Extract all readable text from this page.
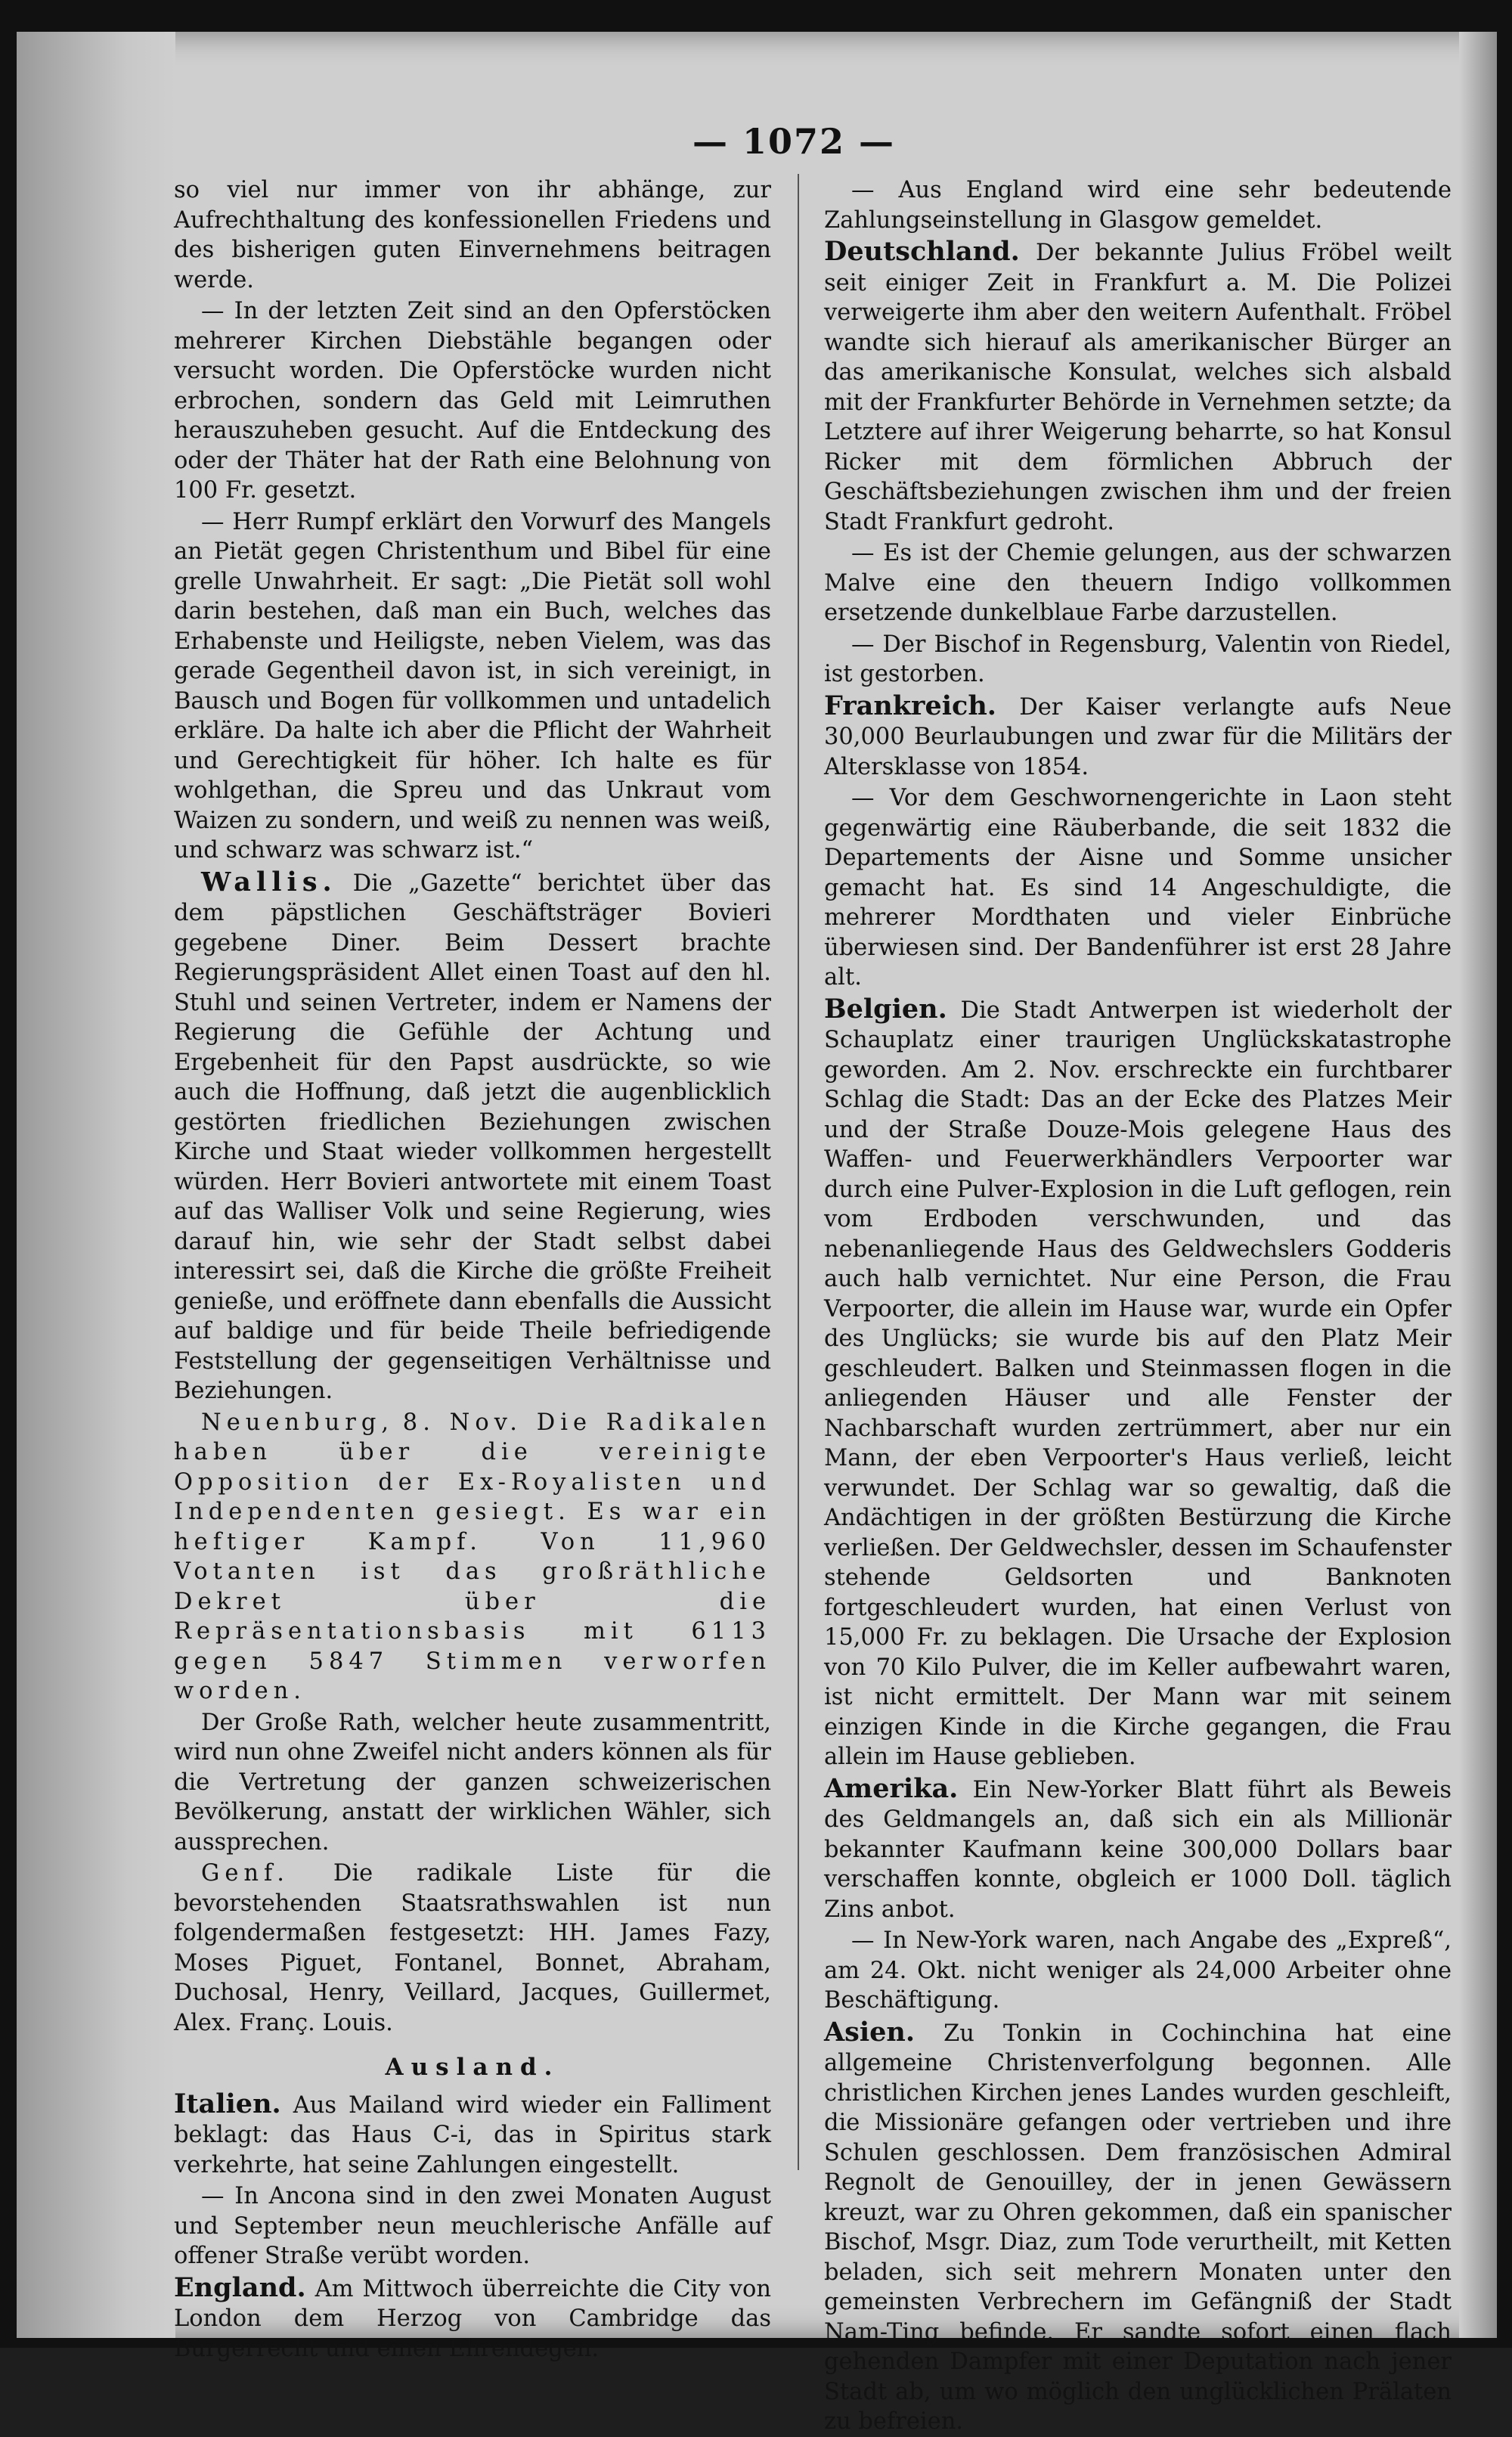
— 1072 —

so viel nur immer von ihr abhänge, zur Aufrechthaltung des konfessionellen Friedens und des bisherigen guten Einvernehmens beitragen werde.

— In der letzten Zeit sind an den Opferstöcken mehrerer Kirchen Diebstähle begangen oder versucht worden. Die Opferstöcke wurden nicht erbrochen, sondern das Geld mit Leimruthen herauszuheben gesucht. Auf die Entdeckung des oder der Thäter hat der Rath eine Belohnung von 100 Fr. gesetzt.

— Herr Rumpf erklärt den Vorwurf des Mangels an Pietät gegen Christenthum und Bibel für eine grelle Unwahrheit. Er sagt: „Die Pietät soll wohl darin bestehen, daß man ein Buch, welches das Erhabenste und Heiligste, neben Vielem, was das gerade Gegentheil davon ist, in sich vereinigt, in Bausch und Bogen für vollkommen und untadelich erkläre. Da halte ich aber die Pflicht der Wahrheit und Gerechtigkeit für höher. Ich halte es für wohlgethan, die Spreu und das Unkraut vom Waizen zu sondern, und weiß zu nennen was weiß, und schwarz was schwarz ist.“

Wallis. Die „Gazette“ berichtet über das dem päpstlichen Geschäftsträger Bovieri gegebene Diner. Beim Dessert brachte Regierungspräsident Allet einen Toast auf den hl. Stuhl und seinen Vertreter, indem er Namens der Regierung die Gefühle der Achtung und Ergebenheit für den Papst ausdrückte, so wie auch die Hoffnung, daß jetzt die augenblicklich gestörten friedlichen Beziehungen zwischen Kirche und Staat wieder vollkommen hergestellt würden. Herr Bovieri antwortete mit einem Toast auf das Walliser Volk und seine Regierung, wies darauf hin, wie sehr der Stadt selbst dabei interessirt sei, daß die Kirche die größte Freiheit genieße, und eröffnete dann ebenfalls die Aussicht auf baldige und für beide Theile befriedigende Feststellung der gegenseitigen Verhältnisse und Beziehungen.

Neuenburg, 8. Nov. Die Radikalen haben über die vereinigte Opposition der Ex-Royalisten und Independenten gesiegt. Es war ein heftiger Kampf. Von 11,960 Votanten ist das großräthliche Dekret über die Repräsentationsbasis mit 6113 gegen 5847 Stimmen verworfen worden.

Der Große Rath, welcher heute zusammentritt, wird nun ohne Zweifel nicht anders können als für die Vertretung der ganzen schweizerischen Bevölkerung, anstatt der wirklichen Wähler, sich aussprechen.

Genf. Die radikale Liste für die bevorstehenden Staatsrathswahlen ist nun folgendermaßen festgesetzt: HH. James Fazy, Moses Piguet, Fontanel, Bonnet, Abraham, Duchosal, Henry, Veillard, Jacques, Guillermet, Alex. Franç. Louis.

Ausland.

Italien. Aus Mailand wird wieder ein Falliment beklagt: das Haus C-i, das in Spiritus stark verkehrte, hat seine Zahlungen eingestellt.

— In Ancona sind in den zwei Monaten August und September neun meuchlerische Anfälle auf offener Straße verübt worden.

England. Am Mittwoch überreichte die City von London dem Herzog von Cambridge das Bürgerrecht und einen Ehrendegen.

— Aus England wird eine sehr bedeutende Zahlungseinstellung in Glasgow gemeldet.

Deutschland. Der bekannte Julius Fröbel weilt seit einiger Zeit in Frankfurt a. M. Die Polizei verweigerte ihm aber den weitern Aufenthalt. Fröbel wandte sich hierauf als amerikanischer Bürger an das amerikanische Konsulat, welches sich alsbald mit der Frankfurter Behörde in Vernehmen setzte; da Letztere auf ihrer Weigerung beharrte, so hat Konsul Ricker mit dem förmlichen Abbruch der Geschäftsbeziehungen zwischen ihm und der freien Stadt Frankfurt gedroht.

— Es ist der Chemie gelungen, aus der schwarzen Malve eine den theuern Indigo vollkommen ersetzende dunkelblaue Farbe darzustellen.

— Der Bischof in Regensburg, Valentin von Riedel, ist gestorben.

Frankreich. Der Kaiser verlangte aufs Neue 30,000 Beurlaubungen und zwar für die Militärs der Altersklasse von 1854.

— Vor dem Geschwornengerichte in Laon steht gegenwärtig eine Räuberbande, die seit 1832 die Departements der Aisne und Somme unsicher gemacht hat. Es sind 14 Angeschuldigte, die mehrerer Mordthaten und vieler Einbrüche überwiesen sind. Der Bandenführer ist erst 28 Jahre alt.

Belgien. Die Stadt Antwerpen ist wiederholt der Schauplatz einer traurigen Unglückskatastrophe geworden. Am 2. Nov. erschreckte ein furchtbarer Schlag die Stadt: Das an der Ecke des Platzes Meir und der Straße Douze-Mois gelegene Haus des Waffen- und Feuerwerkhändlers Verpoorter war durch eine Pulver-Explosion in die Luft geflogen, rein vom Erdboden verschwunden, und das nebenanliegende Haus des Geldwechslers Godderis auch halb vernichtet. Nur eine Person, die Frau Verpoorter, die allein im Hause war, wurde ein Opfer des Unglücks; sie wurde bis auf den Platz Meir geschleudert. Balken und Steinmassen flogen in die anliegenden Häuser und alle Fenster der Nachbarschaft wurden zertrümmert, aber nur ein Mann, der eben Verpoorter's Haus verließ, leicht verwundet. Der Schlag war so gewaltig, daß die Andächtigen in der größten Bestürzung die Kirche verließen. Der Geldwechsler, dessen im Schaufenster stehende Geldsorten und Banknoten fortgeschleudert wurden, hat einen Verlust von 15,000 Fr. zu beklagen. Die Ursache der Explosion von 70 Kilo Pulver, die im Keller aufbewahrt waren, ist nicht ermittelt. Der Mann war mit seinem einzigen Kinde in die Kirche gegangen, die Frau allein im Hause geblieben.

Amerika. Ein New-Yorker Blatt führt als Beweis des Geldmangels an, daß sich ein als Millionär bekannter Kaufmann keine 300,000 Dollars baar verschaffen konnte, obgleich er 1000 Doll. täglich Zins anbot.

— In New-York waren, nach Angabe des „Expreß“, am 24. Okt. nicht weniger als 24,000 Arbeiter ohne Beschäftigung.

Asien. Zu Tonkin in Cochinchina hat eine allgemeine Christenverfolgung begonnen. Alle christlichen Kirchen jenes Landes wurden geschleift, die Missionäre gefangen oder vertrieben und ihre Schulen geschlossen. Dem französischen Admiral Regnolt de Genouilley, der in jenen Gewässern kreuzt, war zu Ohren gekommen, daß ein spanischer Bischof, Msgr. Diaz, zum Tode verurtheilt, mit Ketten beladen, sich seit mehrern Monaten unter den gemeinsten Verbrechern im Gefängniß der Stadt Nam-Ting befinde. Er sandte sofort einen flach gehenden Dampfer mit einer Deputation nach jener Stadt ab, um wo möglich den unglücklichen Prälaten zu befreien.
